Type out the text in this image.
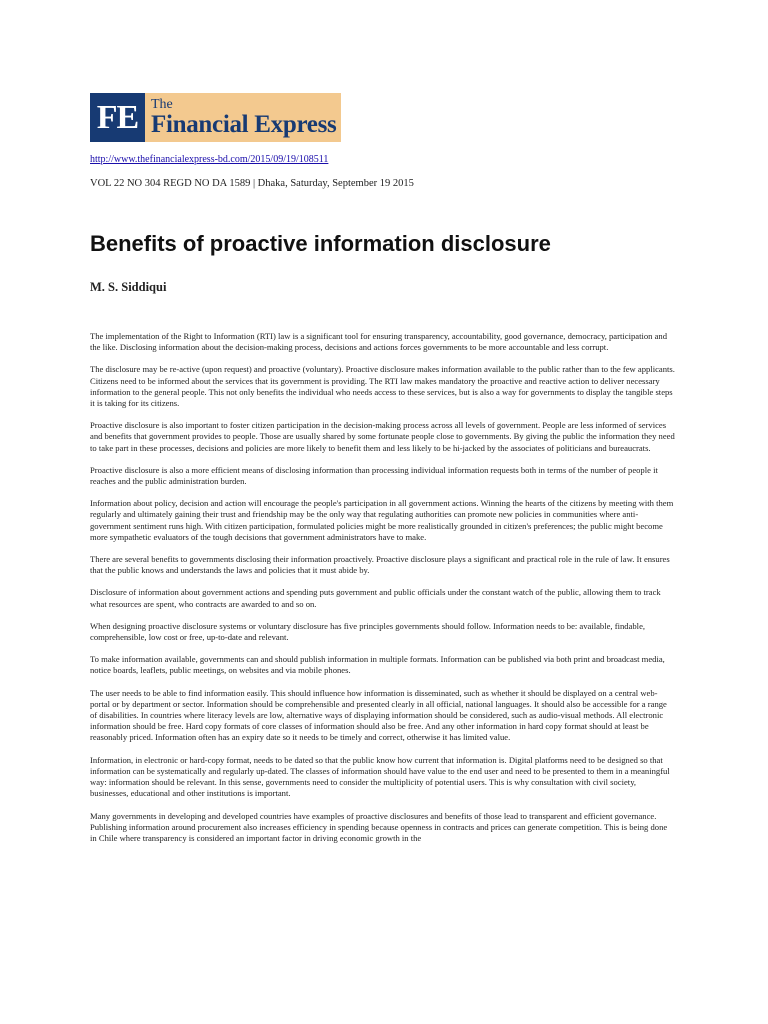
FE The
Financial Express
http://www.thefinancialexpress-bd.com/2015/09/19/108511
VOL 22 NO 304 REGD NO DA 1589 | Dhaka, Saturday, September 19 2015
Benefits of proactive information disclosure
M. S. Siddiqui

The implementation of the Right to Information (RTI) law is a significant tool for ensuring transparency, accountability, good governance, democracy, participation and the like. Disclosing information about the decision-making process, decisions and actions forces governments to be more accountable and less corrupt.

The disclosure may be re-active (upon request) and proactive (voluntary). Proactive disclosure makes information available to the public rather than to the few applicants. Citizens need to be informed about the services that its government is providing. The RTI law makes mandatory the proactive and reactive action to deliver necessary information to the general people. This not only benefits the individual who needs access to these services, but is also a way for governments to display the tangible steps it is taking for its citizens.

Proactive disclosure is also important to foster citizen participation in the decision-making process across all levels of government. People are less informed of services and benefits that government provides to people. Those are usually shared by some fortunate people close to governments. By giving the public the information they need to take part in these processes, decisions and policies are more likely to benefit them and less likely to be hi-jacked by the associates of politicians and bureaucrats.

Proactive disclosure is also a more efficient means of disclosing information than processing individual information requests both in terms of the number of people it reaches and the public administration burden.

Information about policy, decision and action will encourage the people's participation in all government actions. Winning the hearts of the citizens by meeting with them regularly and ultimately gaining their trust and friendship may be the only way that regulating authorities can promote new policies in communities where anti-government sentiment runs high. With citizen participation, formulated policies might be more realistically grounded in citizen's preferences; the public might become more sympathetic evaluators of the tough decisions that government administrators have to make.

There are several benefits to governments disclosing their information proactively. Proactive disclosure plays a significant and practical role in the rule of law. It ensures that the public knows and understands the laws and policies that it must abide by.

Disclosure of information about government actions and spending puts government and public officials under the constant watch of the public, allowing them to track what resources are spent, who contracts are awarded to and so on.

When designing proactive disclosure systems or voluntary disclosure has five principles governments should follow. Information needs to be: available, findable, comprehensible, low cost or free, up-to-date and relevant.

To make information available, governments can and should publish information in multiple formats. Information can be published via both print and broadcast media, notice boards, leaflets, public meetings, on websites and via mobile phones.

The user needs to be able to find information easily. This should influence how information is disseminated, such as whether it should be displayed on a central web-portal or by department or sector. Information should be comprehensible and presented clearly in all official, national languages. It should also be accessible for a range of disabilities. In countries where literacy levels are low, alternative ways of displaying information should be considered, such as audio-visual methods. All electronic information should be free. Hard copy formats of core classes of information should also be free. And any other information in hard copy format should at least be reasonably priced. Information often has an expiry date so it needs to be timely and correct, otherwise it has limited value.

Information, in electronic or hard-copy format, needs to be dated so that the public know how current that information is. Digital platforms need to be designed so that information can be systematically and regularly up-dated. The classes of information should have value to the end user and need to be presented to them in a meaningful way: information should be relevant. In this sense, governments need to consider the multiplicity of potential users. This is why consultation with civil society, businesses, educational and other institutions is important.

Many governments in developing and developed countries have examples of proactive disclosures and benefits of those lead to transparent and efficient governance. Publishing information around procurement also increases efficiency in spending because openness in contracts and prices can generate competition. This is being done in Chile where transparency is considered an important factor in driving economic growth in the
